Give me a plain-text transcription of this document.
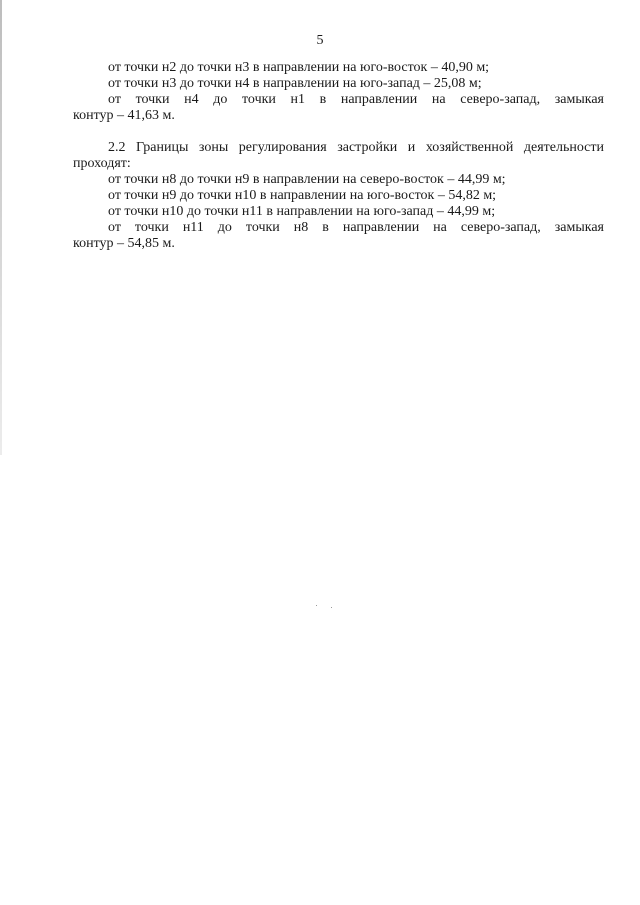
5
от точки н2 до точки н3 в направлении на юго-восток – 40,90 м;
от точки н3 до точки н4 в направлении на юго-запад – 25,08 м;
от точки н4 до точки н1 в направлении на северо-запад, замыкая
контур – 41,63 м.
2.2 Границы зоны регулирования застройки и хозяйственной деятельности
проходят:
от точки н8 до точки н9 в направлении на северо-восток – 44,99 м;
от точки н9 до точки н10 в направлении на юго-восток – 54,82 м;
от точки н10 до точки н11 в направлении на юго-запад – 44,99 м;
от точки н11 до точки н8 в направлении на северо-запад, замыкая
контур – 54,85 м.
